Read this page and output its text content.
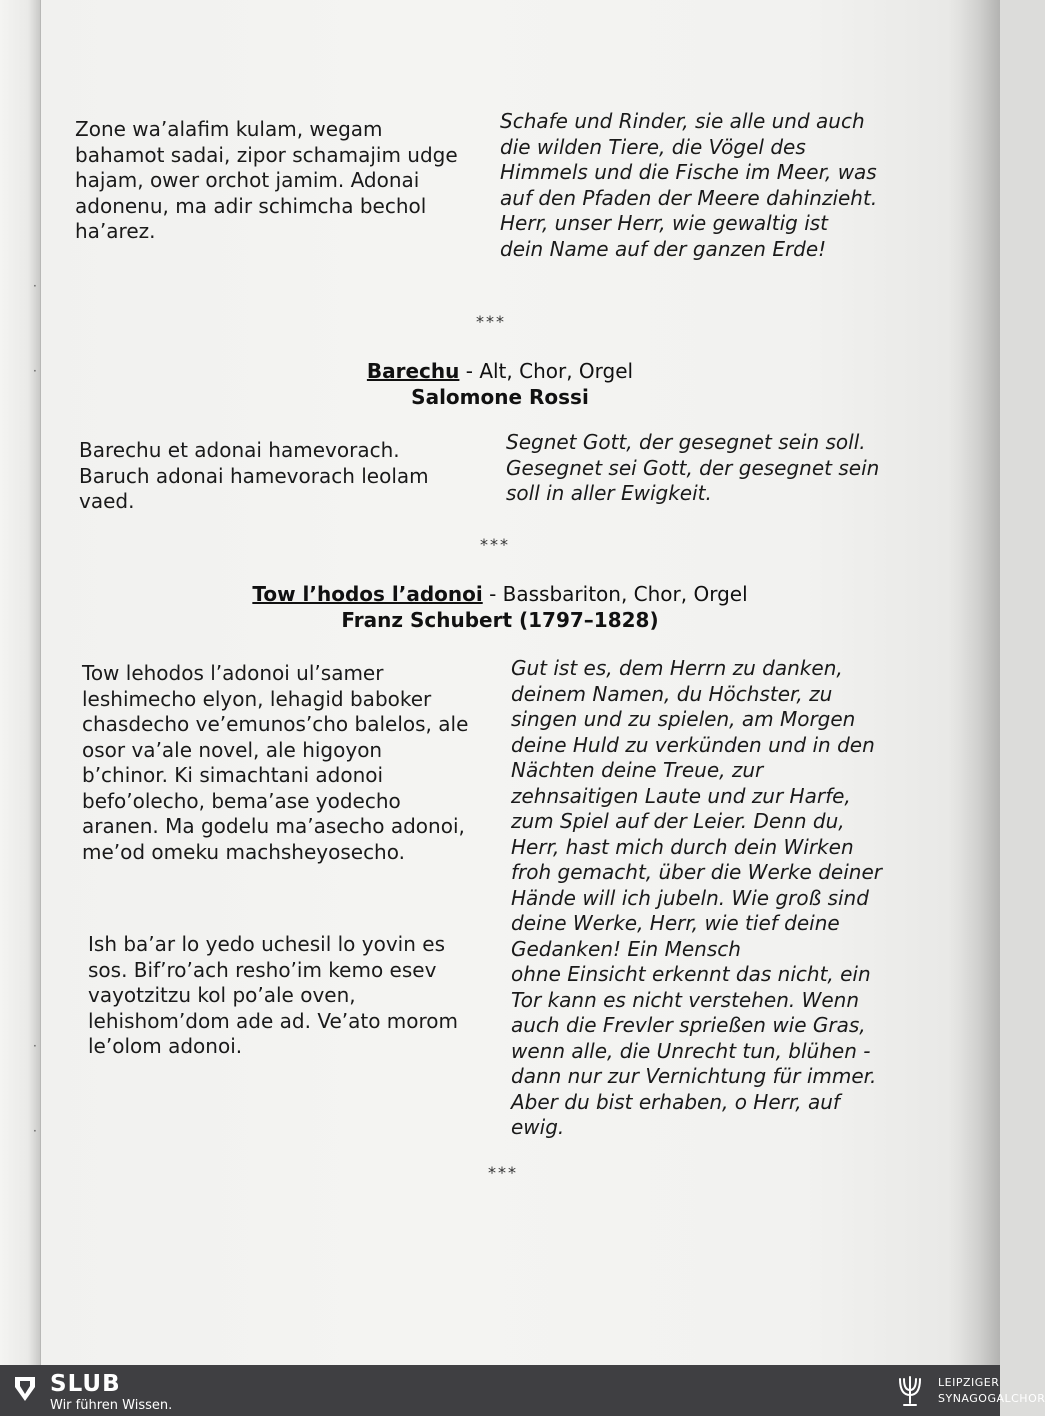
·
·
·
·
Zone wa’alafim kulam, wegam
bahamot sadai, zipor schamajim udge
hajam, ower orchot jamim. Adonai
adonenu, ma adir schimcha bechol
ha’arez.
Schafe und Rinder, sie alle und auch
die wilden Tiere, die Vögel des
Himmels und die Fische im Meer, was
auf den Pfaden der Meere dahinzieht.
Herr, unser Herr, wie gewaltig ist
dein Name auf der ganzen Erde!
***
Barechu - Alt, Chor, Orgel
Salomone Rossi
Barechu et adonai hamevorach.
Baruch adonai hamevorach leolam
vaed.
Segnet Gott, der gesegnet sein soll.
Gesegnet sei Gott, der gesegnet sein
soll in aller Ewigkeit.
***
Tow l’hodos l’adonoi - Bassbariton, Chor, Orgel
Franz Schubert (1797–1828)
Tow lehodos l’adonoi ul’samer
leshimecho elyon, lehagid baboker
chasdecho ve’emunos’cho balelos, ale
osor va’ale novel, ale higoyon
b’chinor. Ki simachtani adonoi
befo’olecho, bema’ase yodecho
aranen. Ma godelu ma’asecho adonoi,
me’od omeku machsheyosecho.
Ish ba’ar lo yedo uchesil lo yovin es
sos. Bif’ro’ach resho’im kemo esev
vayotzitzu kol po’ale oven,
lehishom’dom ade ad. Ve’ato morom
le’olom adonoi.
Gut ist es, dem Herrn zu danken,
deinem Namen, du Höchster, zu
singen und zu spielen, am Morgen
deine Huld zu verkünden und in den
Nächten deine Treue, zur
zehnsaitigen Laute und zur Harfe,
zum Spiel auf der Leier. Denn du,
Herr, hast mich durch dein Wirken
froh gemacht, über die Werke deiner
Hände will ich jubeln. Wie groß sind
deine Werke, Herr, wie tief deine
Gedanken! Ein Mensch
ohne Einsicht erkennt das nicht, ein
Tor kann es nicht verstehen. Wenn
auch die Frevler sprießen wie Gras,
wenn alle, die Unrecht tun, blühen -
dann nur zur Vernichtung für immer.
Aber du bist erhaben, o Herr, auf
ewig.
***
SLUB
Wir führen Wissen.
LEIPZIGER
SYNAGOGALCHOR
